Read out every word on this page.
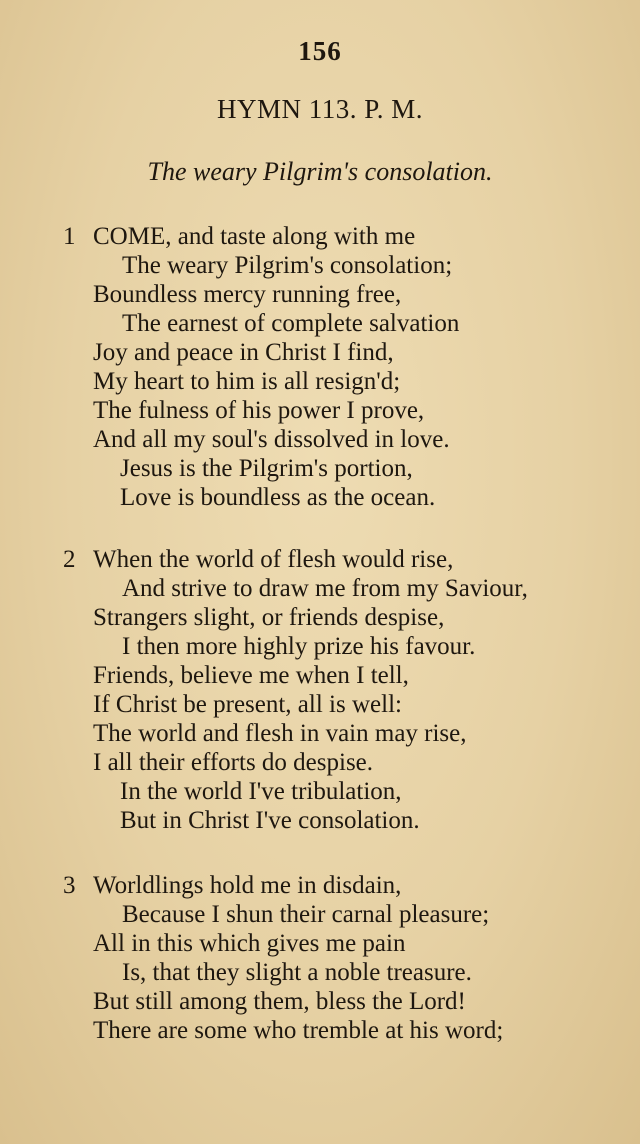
156
HYMN 113. P. M.
The weary Pilgrim's consolation.
1 COME, and taste along with me
The weary Pilgrim's consolation;
Boundless mercy running free,
The earnest of complete salvation
Joy and peace in Christ I find,
My heart to him is all resign'd;
The fulness of his power I prove,
And all my soul's dissolved in love.
Jesus is the Pilgrim's portion,
Love is boundless as the ocean.
2 When the world of flesh would rise,
And strive to draw me from my Saviour,
Strangers slight, or friends despise,
I then more highly prize his favour.
Friends, believe me when I tell,
If Christ be present, all is well:
The world and flesh in vain may rise,
I all their efforts do despise.
In the world I've tribulation,
But in Christ I've consolation.
3 Worldlings hold me in disdain,
Because I shun their carnal pleasure;
All in this which gives me pain
Is, that they slight a noble treasure.
But still among them, bless the Lord!
There are some who tremble at his word;
